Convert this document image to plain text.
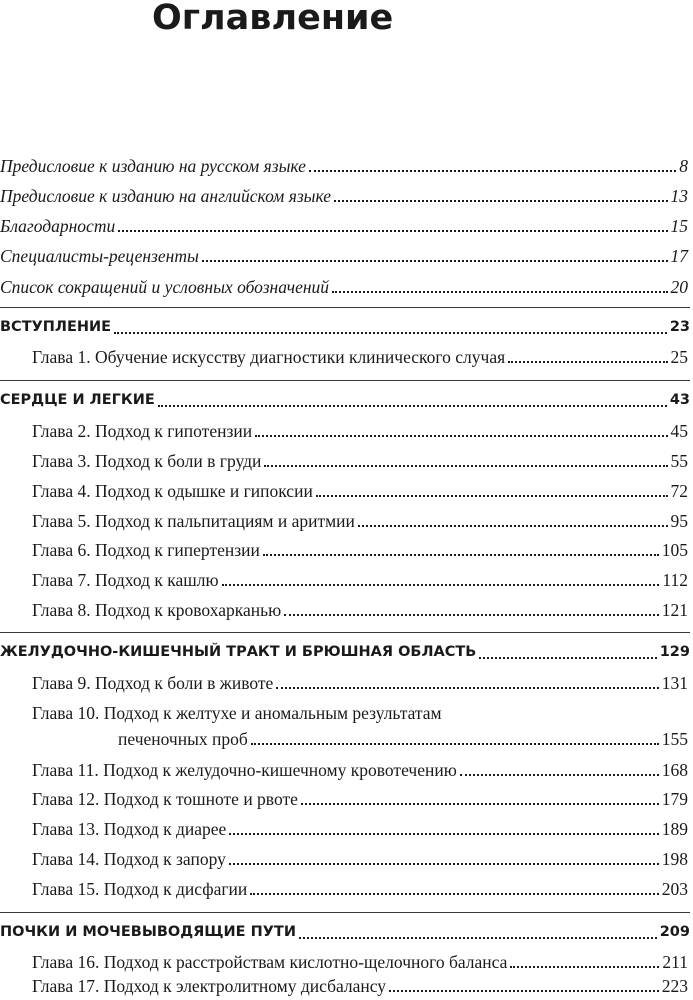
Оглавление
Предисловие к изданию на русском языке	8
Предисловие к изданию на английском языке	13
Благодарности	15
Специалисты-рецензенты	17
Список сокращений и условных обозначений	20
ВСТУПЛЕНИЕ	23
Глава 1. Обучение искусству диагностики клинического случая	25
СЕРДЦЕ И ЛЕГКИЕ	43
Глава 2. Подход к гипотензии	45
Глава 3. Подход к боли в груди	55
Глава 4. Подход к одышке и гипоксии	72
Глава 5. Подход к пальпитациям и аритмии	95
Глава 6. Подход к гипертензии	105
Глава 7. Подход к кашлю	112
Глава 8. Подход к кровохарканью	121
ЖЕЛУДОЧНО-КИШЕЧНЫЙ ТРАКТ И БРЮШНАЯ ОБЛАСТЬ	129
Глава 9. Подход к боли в животе	131
Глава 10. Подход к желтухе и аномальным результатам
печеночных проб	155
Глава 11. Подход к желудочно-кишечному кровотечению	168
Глава 12. Подход к тошноте и рвоте	179
Глава 13. Подход к диарее	189
Глава 14. Подход к запору	198
Глава 15. Подход к дисфагии	203
ПОЧКИ И МОЧЕВЫВОДЯЩИЕ ПУТИ	209
Глава 16. Подход к расстройствам кислотно-щелочного баланса	211
Глава 17. Подход к электролитному дисбалансу	223
